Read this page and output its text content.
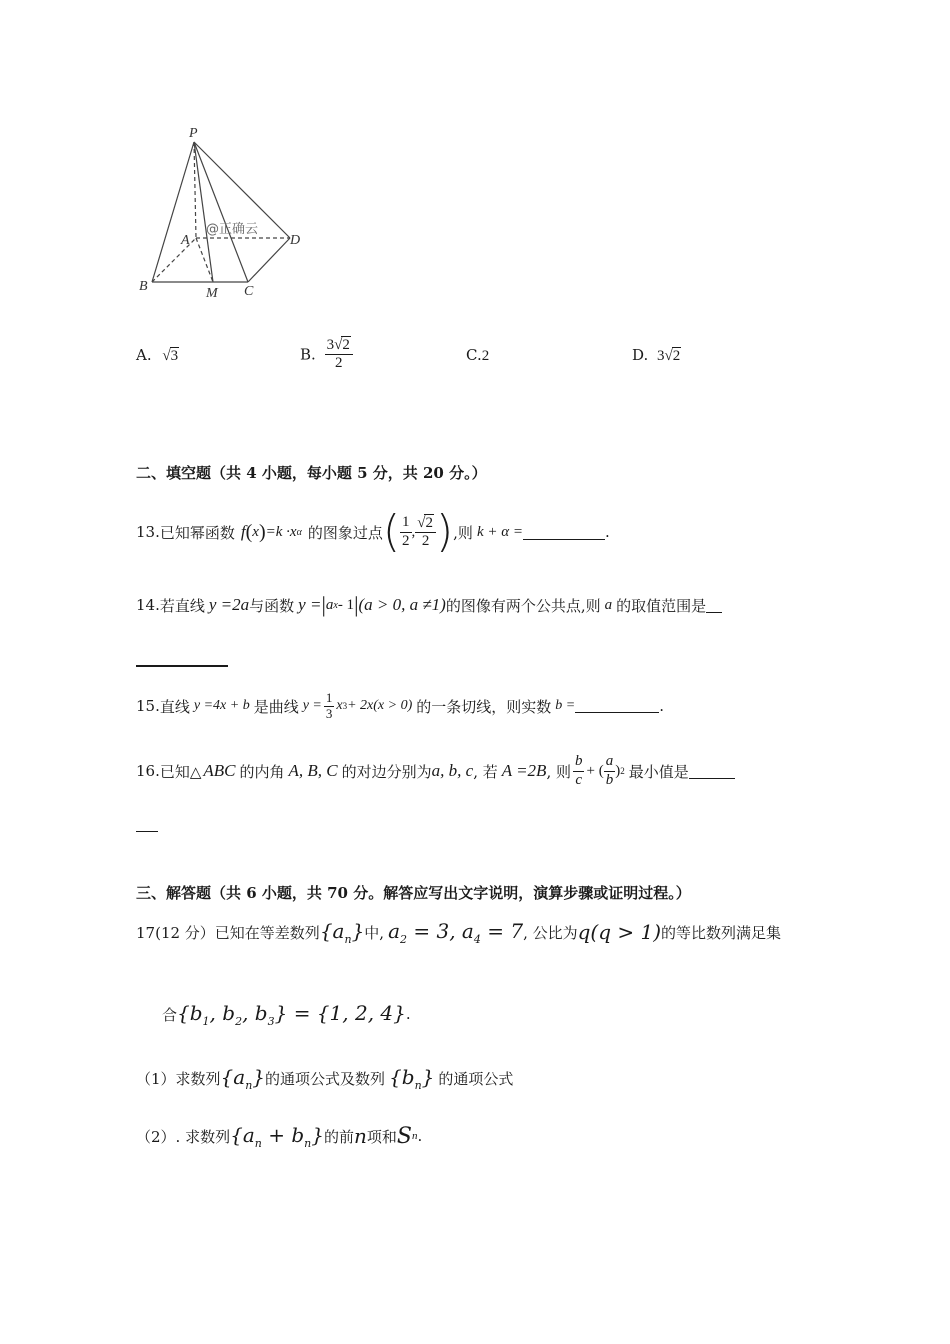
P
A
B	M C
D
@正确云
A. √3	B. $\frac{3√2}{2}$	C.2	D. 3√2
二、填空题（共 4 小题，每小题 5 分，共 20 分。）
13. 已知幂函数 f ( x ) =k ·x α 的图象过点 ( $\frac{1}{2}$ , $\frac{√2}{2}$ ) ,则 k + α =	.
14. 若直线 y =2a 与函数 y = | a x - 1 | (a > 0, a ≠1) 的图像有两个公共点,则 a 的取值范围是
15. 直线 y =4x + b 是曲线 $y = \frac{1}{3}$ x 3 + 2x(x > 0) 的一条切线，则实数 b =	.
16. 已知△ ABC 的内角 A, B, C 的对边分别为 a, b, c , 若 A =2B , 则 $\frac{b}{c}$ + ( $\frac{a}{b}$ ) 2 最小值是
三、解答题（共 6 小题，共 70 分。解答应写出文字说明，演算步骤或证明过程。）
17(12 分） 已知在等差数列 $\{a_n\}$ 中, $a_2 = 3$, $a_4 = 7$ , 公比为 q(q > 1) 的等比数列满足集
合 {$b_1$, $b_2$, $b_3\} = \{1$, 2, 4} .
（1）求数列 $\{a_n\}$ 的通项公式及数列 $\{b_n\}$ 的通项公式
（2）. 求数列 $\{a_n + b_n\}$ 的前 n 项和 S n .
